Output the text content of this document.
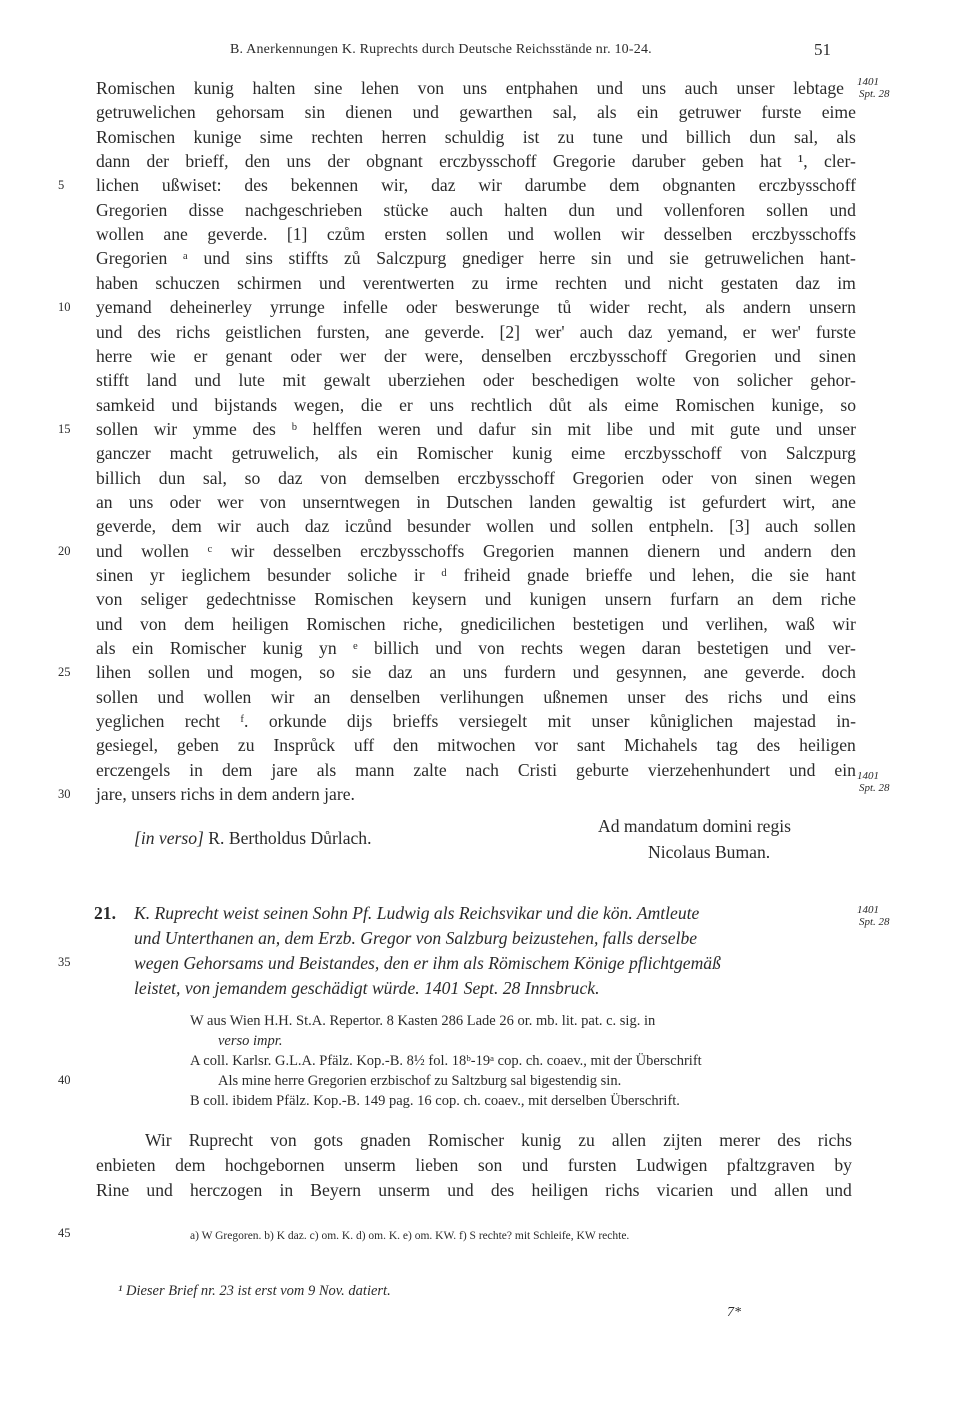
B. Anerkennungen K. Ruprechts durch Deutsche Reichsstände nr. 10-24.	51
Romischen kunig halten sine lehen von uns entphahen und uns auch unser lebtage
getruwelichen gehorsam sin dienen und gewarthen sal, als ein getruwer furste eime
Romischen kunige sime rechten herren schuldig ist zu tune und billich dun sal, als
dann der brieff, den uns der obgnant erczbysschoff Gregorie daruber geben hat ¹, cler-
lichen ußwiset: des bekennen wir, daz wir darumbe dem obgnanten erczbysschoff
Gregorien disse nachgeschrieben stücke auch halten dun und vollenforen sollen und
wollen ane geverde. [1] czům ersten sollen und wollen wir desselben erczbysschoffs
Gregorien ᵃ und sins stiffts zů Salczpurg gnediger herre sin und sie getruwelichen hant-
haben schuczen schirmen und verentwerten zu irme rechten und nicht gestaten daz im
yemand deheinerley yrrunge infelle oder beswerunge tů wider recht, als andern unsern
und des richs geistlichen fursten, ane geverde. [2] wer' auch daz yemand, er wer' furste
herre wie er genant oder wer der were, denselben erczbysschoff Gregorien und sinen
stifft land und lute mit gewalt uberziehen oder beschedigen wolte von solicher gehor-
samkeid und bijstands wegen, die er uns rechtlich důt als eime Romischen kunige, so
sollen wir ymme des ᵇ helffen weren und dafur sin mit libe und mit gute und unser
ganczer macht getruwelich, als ein Romischer kunig eime erczbysschoff von Salczpurg
billich dun sal, so daz von demselben erczbysschoff Gregorien oder von sinen wegen
an uns oder wer von unserntwegen in Dutschen landen gewaltig ist gefurdert wirt, ane
geverde, dem wir auch daz iczůnd besunder wollen und sollen entpheln. [3] auch sollen
und wollen ᶜ wir desselben erczbysschoffs Gregorien mannen dienern und andern den
sinen yr ieglichem besunder soliche ir ᵈ friheid gnade brieffe und lehen, die sie hant
von seliger gedechtnisse Romischen keysern und kunigen unsern furfarn an dem riche
und von dem heiligen Romischen riche, gnedicilichen bestetigen und verlihen, waß wir
als ein Romischer kunig yn ᵉ billich und von rechts wegen daran bestetigen und ver-
lihen sollen und mogen, so sie daz an uns furdern und gesynnen, ane geverde. doch
sollen und wollen wir an denselben verlihungen ußnemen unser des richs und eins
yeglichen recht ᶠ. orkunde dijs brieffs versiegelt mit unser kůniglichen majestad in-
gesiegel, geben zu Insprůck uff den mitwochen vor sant Michahels tag des heiligen
erczengels in dem jare als mann zalte nach Cristi geburte vierzehenhundert und ein
jare, unsers richs in dem andern jare.
5
10
15
20
25
30
1401
Spt. 28
1401
Spt. 28
[in verso] R. Bertholdus Důrlach.
Ad mandatum domini regis
Nicolaus Buman.
21. K. Ruprecht weist seinen Sohn Pf. Ludwig als Reichsvikar und die kön. Amtleute
und Unterthanen an, dem Erzb. Gregor von Salzburg beizustehen, falls derselbe
wegen Gehorsams und Beistandes, den er ihm als Römischem Könige pflichtgemäß
leistet, von jemandem geschädigt würde. 1401 Sept. 28 Innsbruck.
1401
Spt. 28
35
40
45
W aus Wien H.H. St.A. Repertor. 8 Kasten 286 Lade 26 or. mb. lit. pat. c. sig. in
verso impr.
A coll. Karlsr. G.L.A. Pfälz. Kop.-B. 8½ fol. 18ᵇ-19ᵃ cop. ch. coaev., mit der Überschrift
Als mine herre Gregorien erzbischof zu Saltzburg sal bigestendig sin.
B coll. ibidem Pfälz. Kop.-B. 149 pag. 16 cop. ch. coaev., mit derselben Überschrift.
Wir Ruprecht von gots gnaden Romischer kunig zu allen zijten merer des richs
enbieten dem hochgebornen unserm lieben son und fursten Ludwigen pfaltzgraven by
Rine und herczogen in Beyern unserm und des heiligen richs vicarien und allen und
a) W Gregoren. b) K daz. c) om. K. d) om. K. e) om. KW. f) S rechte? mit Schleife, KW rechte.
¹ Dieser Brief nr. 23 ist erst vom 9 Nov. datiert.
7*
